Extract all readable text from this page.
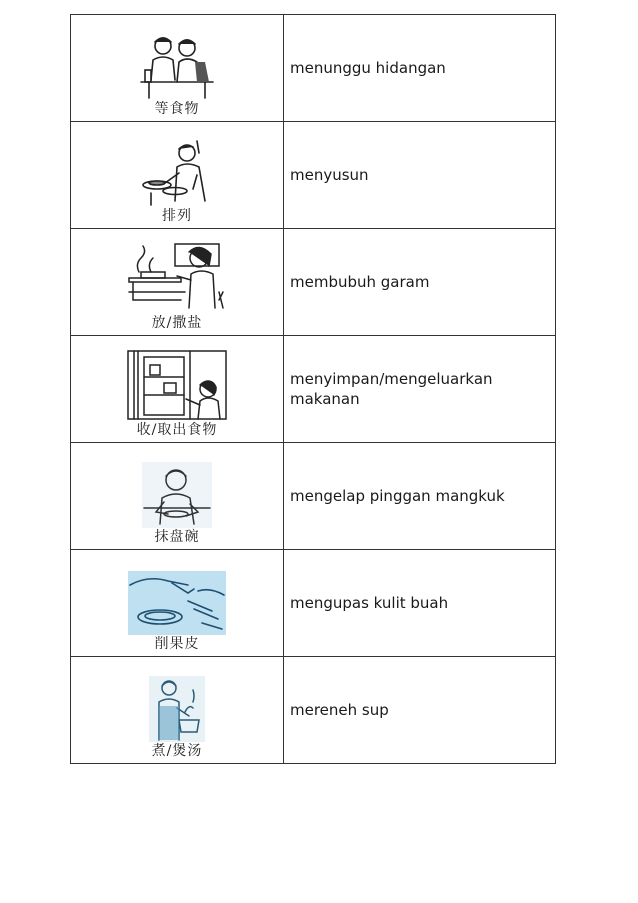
等食物	menunggu hidangan

排列	menyusun

放/撒盐	membubuh garam

收/取出食物	menyimpan/mengeluarkan makanan

抹盘碗	mengelap pinggan mangkuk

削果皮	mengupas kulit buah

煮/煲汤	mereneh sup
